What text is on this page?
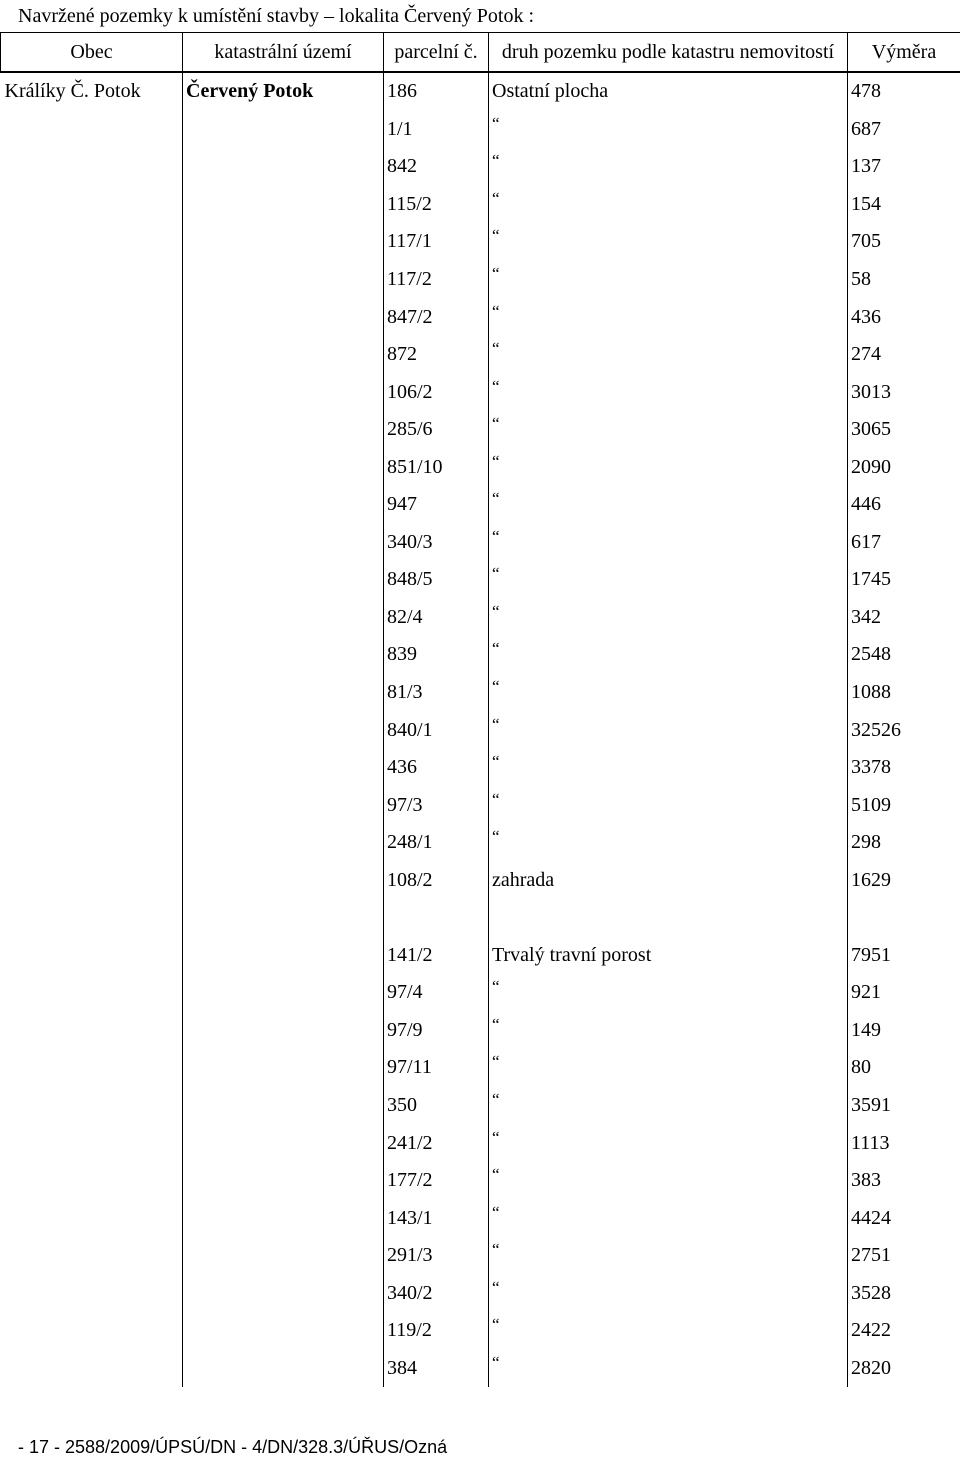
Navržené pozemky k umístění stavby – lokalita Červený Potok :
Obec	katastrální území	parcelní č.	druh pozemku podle katastru nemovitostí	Výměra
Králíky Č. Potok	Červený Potok	186	Ostatní plocha	478
		1/1	“	687
		842	“	137
		115/2	“	154
		117/1	“	705
		117/2	“	58
		847/2	“	436
		872	“	274
		106/2	“	3013
		285/6	“	3065
		851/10	“	2090
		947	“	446
		340/3	“	617
		848/5	“	1745
		82/4	“	342
		839	“	2548
		81/3	“	1088
		840/1	“	32526
		436	“	3378
		97/3	“	5109
		248/1	“	298
		108/2	zahrada	1629

		141/2	Trvalý travní porost	7951
		97/4	“	921
		97/9	“	149
		97/11	“	80
		350	“	3591
		241/2	“	1113
		177/2	“	383
		143/1	“	4424
		291/3	“	2751
		340/2	“	3528
		119/2	“	2422
		384	“	2820
- 17 - 2588/2009/ÚPSÚ/DN - 4/DN/328.3/ÚŘUS/Ozná
